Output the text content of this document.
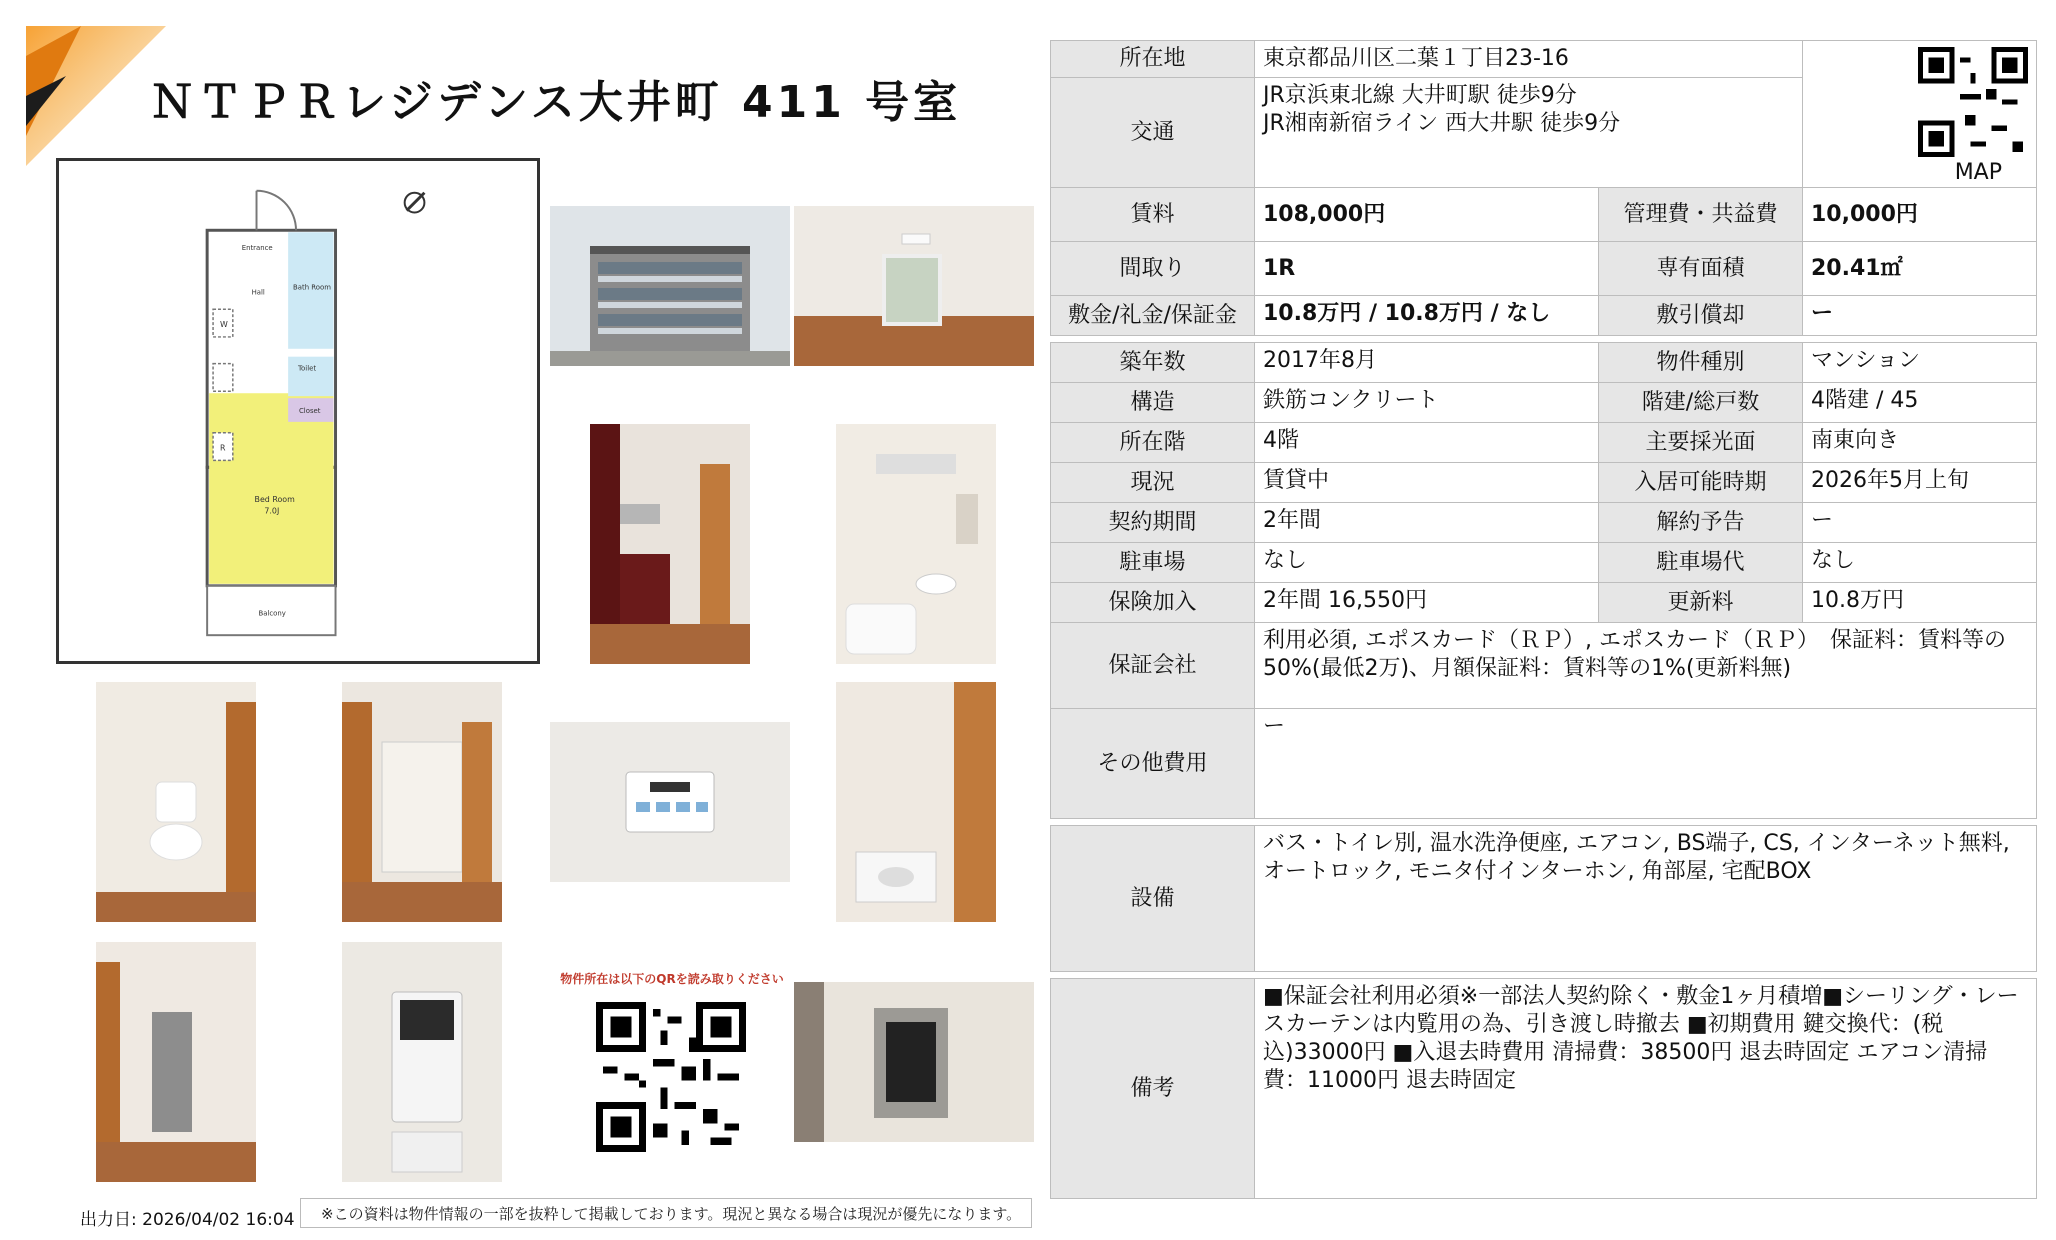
ＮＴＰＲレジデンス大井町 411 号室
Entrance
Hall
Bath Room
Toilet
Closet
Bed Room
7.0J
Balcony
W
R
物件所在は以下のQRを読み取りください
所在地	東京都品川区二葉１丁目23-16		MAP

交通	JR京浜東北線 大井町駅 徒歩9分
JR湘南新宿ライン 西大井駅 徒歩9分		

賃料	108,000円	管理費・共益費	10,000円
間取り	1R	専有面積	20.41㎡
敷金/礼金/保証金	10.8万円 / 10.8万円 / なし	敷引償却	ー

築年数	2017年8月	物件種別	マンション
構造	鉄筋コンクリート	階建/総戸数	4階建 / 45
所在階	4階	主要採光面	南東向き
現況	賃貸中	入居可能時期	2026年5月上旬
契約期間	2年間	解約予告	ー
駐車場	なし	駐車場代	なし
保険加入	2年間 16,550円	更新料	10.8万円
保証会社	利用必須, エポスカード（ＲＰ）, エポスカード（ＲＰ）　保証料：賃料等の50%(最低2万)、月額保証料：賃料等の1%(更新料無)		
その他費用	ー		

設備	バス・トイレ別, 温水洗浄便座, エアコン, BS端子, CS, インターネット無料, オートロック, モニタ付インターホン, 角部屋, 宅配BOX		

備考	■保証会社利用必須※一部法人契約除く・敷金1ヶ月積増■シーリング・レースカーテンは内覧用の為、引き渡し時撤去 ■初期費用 鍵交換代：(税込)33000円 ■入退去時費用 清掃費：38500円 退去時固定 エアコン清掃費：11000円 退去時固定		
出力日: 2026/04/02 16:04	※この資料は物件情報の一部を抜粋して掲載しております。現況と異なる場合は現況が優先になります。
